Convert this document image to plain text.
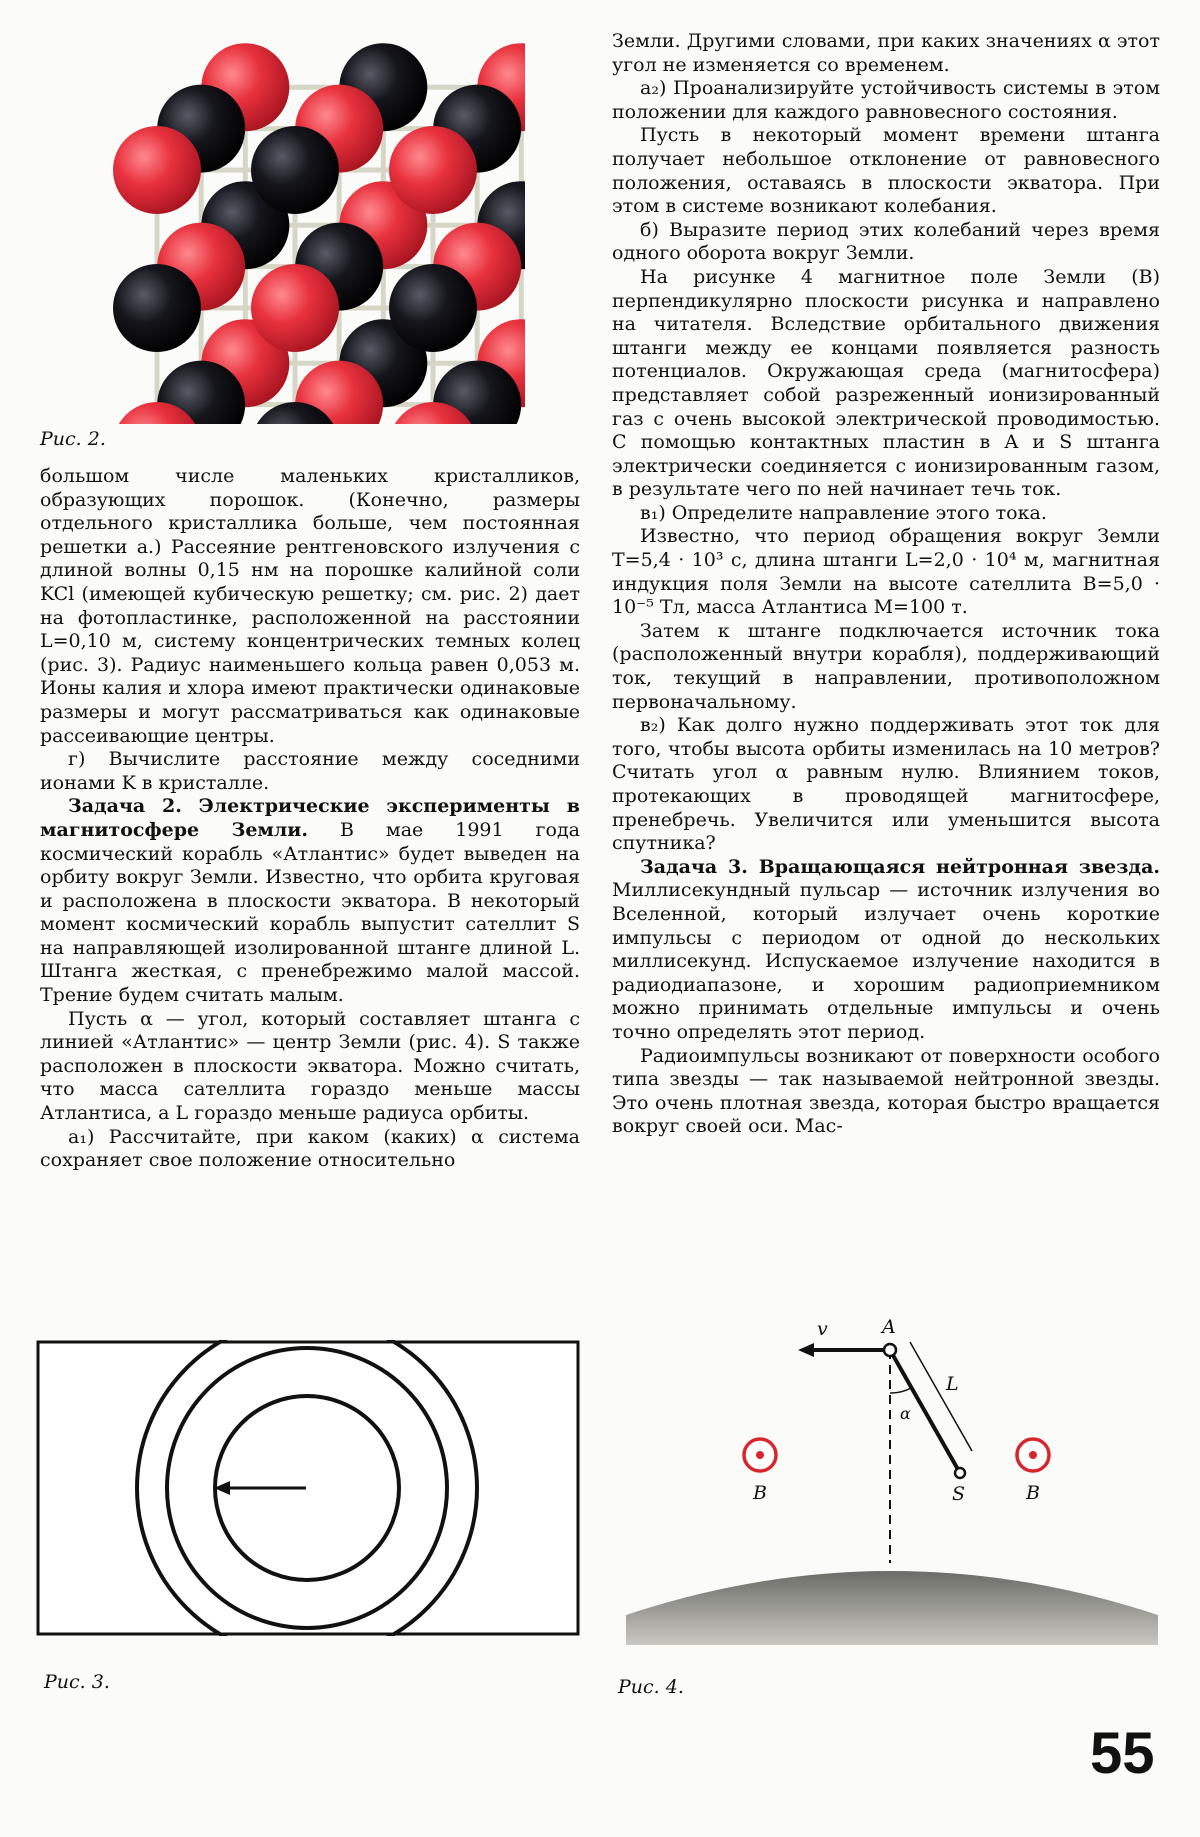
Рис. 2.

большом числе маленьких кристалликов, образующих порошок. (Конечно, размеры отдельного кристаллика больше, чем постоянная решетки a.) Рассеяние рентгеновского излучения с длиной волны 0,15 нм на порошке калийной соли KCl (имеющей кубическую решетку; см. рис. 2) дает на фотопластинке, расположенной на расстоянии L=0,10 м, систему концентрических темных колец (рис. 3). Радиус наименьшего кольца равен 0,053 м. Ионы калия и хлора имеют практически одинаковые размеры и могут рассматриваться как одинаковые рассеивающие центры.

г) Вычислите расстояние между соседними ионами K в кристалле.

Задача 2. Электрические эксперименты в магнитосфере Земли. В мае 1991 года космический корабль «Атлантис» будет выведен на орбиту вокруг Земли. Известно, что орбита круговая и расположена в плоскости экватора. В некоторый момент космический корабль выпустит сателлит S на направляющей изолированной штанге длиной L. Штанга жесткая, с пренебрежимо малой массой. Трение будем считать малым.

Пусть α — угол, который составляет штанга с линией «Атлантис» — центр Земли (рис. 4). S также расположен в плоскости экватора. Можно считать, что масса сателлита гораздо меньше массы Атлантиса, а L гораздо меньше радиуса орбиты.

a₁) Рассчитайте, при каком (каких) α система сохраняет свое положение относительно

Земли. Другими словами, при каких значениях α этот угол не изменяется со временем.

a₂) Проанализируйте устойчивость системы в этом положении для каждого равновесного состояния.

Пусть в некоторый момент времени штанга получает небольшое отклонение от равновесного положения, оставаясь в плоскости экватора. При этом в системе возникают колебания.

б) Выразите период этих колебаний через время одного оборота вокруг Земли.

На рисунке 4 магнитное поле Земли (B) перпендикулярно плоскости рисунка и направлено на читателя. Вследствие орбитального движения штанги между ее концами появляется разность потенциалов. Окружающая среда (магнитосфера) представляет собой разреженный ионизированный газ с очень высокой электрической проводимостью. С помощью контактных пластин в A и S штанга электрически соединяется с ионизированным газом, в результате чего по ней начинает течь ток.

в₁) Определите направление этого тока.

Известно, что период обращения вокруг Земли T=5,4 · 10³ с, длина штанги L=2,0 · 10⁴ м, магнитная индукция поля Земли на высоте сателлита B=5,0 · 10⁻⁵ Тл, масса Атлантиса M=100 т.

Затем к штанге подключается источник тока (расположенный внутри корабля), поддерживающий ток, текущий в направлении, противоположном первоначальному.

в₂) Как долго нужно поддерживать этот ток для того, чтобы высота орбиты изменилась на 10 метров? Считать угол α равным нулю. Влиянием токов, протекающих в проводящей магнитосфере, пренебречь. Увеличится или уменьшится высота спутника?

Задача 3. Вращающаяся нейтронная звезда. Миллисекундный пульсар — источник излучения во Вселенной, который излучает очень короткие импульсы с периодом от одной до нескольких миллисекунд. Испускаемое излучение находится в радиодиапазоне, и хорошим радиоприемником можно принимать отдельные импульсы и очень точно определять этот период.

Радиоимпульсы возникают от поверхности особого типа звезды — так называемой нейтронной звезды. Это очень плотная звезда, которая быстро вращается вокруг своей оси. Мас-

Рис. 3.
v	A
L
α
S
B	B
Рис. 4.
55
